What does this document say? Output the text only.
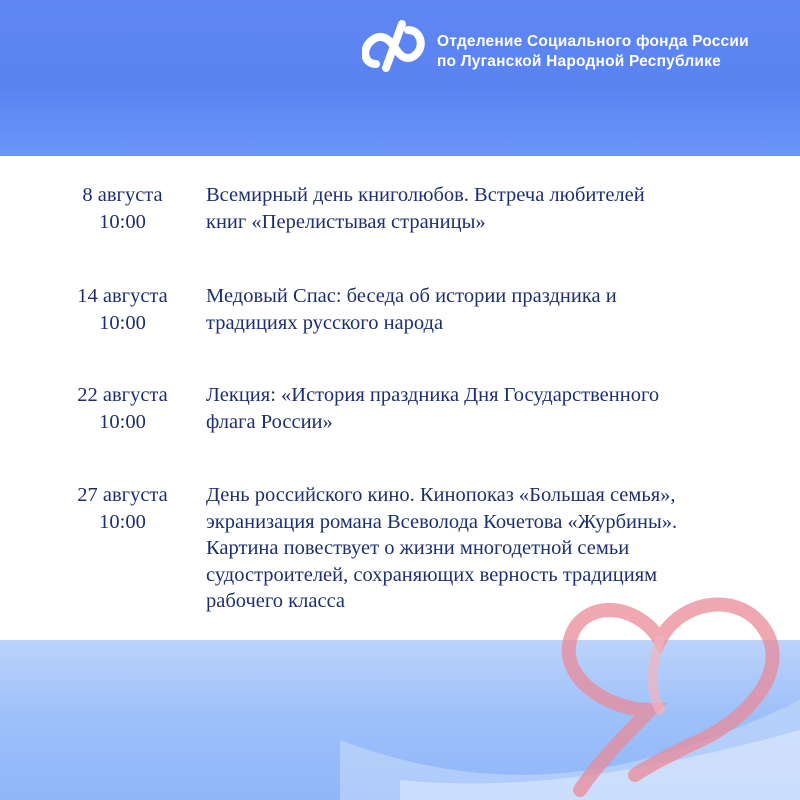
Отделение Социального фонда России
по Луганской Народной Республике
8 августа
10:00
Всемирный день книголюбов. Встреча любителей
книг «Перелистывая страницы»
14 августа
10:00
Медовый Спас: беседа об истории праздника и
традициях русского народа
22 августа
10:00
Лекция: «История праздника Дня Государственного
флага России»
27 августа
10:00
День российского кино. Кинопоказ «Большая семья»,
экранизация романа Всеволода Кочетова «Журбины».
Картина повествует о жизни многодетной семьи
судостроителей, сохраняющих верность традициям
рабочего класса
